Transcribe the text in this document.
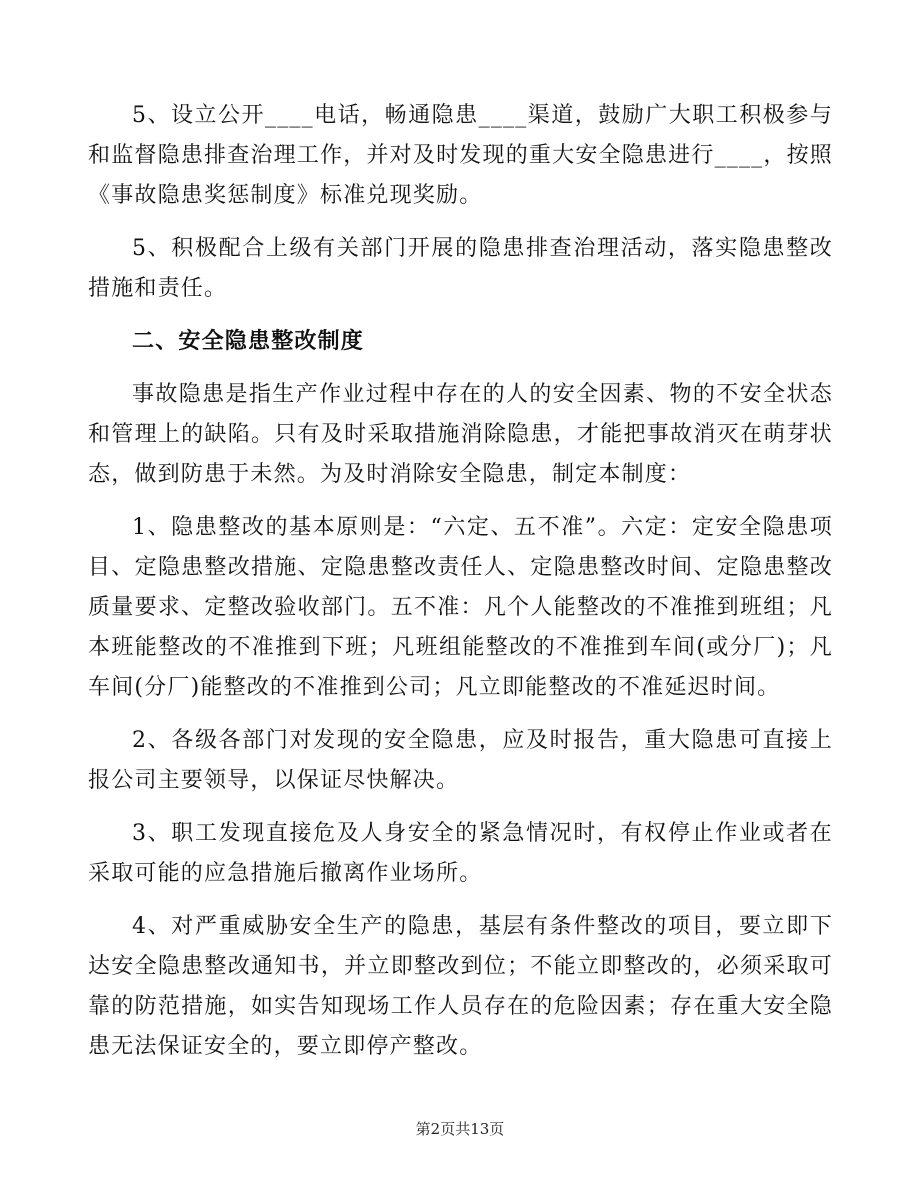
5、设立公开____电话，畅通隐患____渠道，鼓励广大职工积极参与和监督隐患排查治理工作，并对及时发现的重大安全隐患进行____，按照《事故隐患奖惩制度》标准兑现奖励。

5、积极配合上级有关部门开展的隐患排查治理活动，落实隐患整改措施和责任。

二、安全隐患整改制度

事故隐患是指生产作业过程中存在的人的安全因素、物的不安全状态和管理上的缺陷。只有及时采取措施消除隐患，才能把事故消灭在萌芽状态，做到防患于未然。为及时消除安全隐患，制定本制度：

1、隐患整改的基本原则是：“六定、五不准”。六定：定安全隐患项目、定隐患整改措施、定隐患整改责任人、定隐患整改时间、定隐患整改质量要求、定整改验收部门。五不准：凡个人能整改的不准推到班组；凡本班能整改的不准推到下班；凡班组能整改的不准推到车间(或分厂)；凡车间(分厂)能整改的不准推到公司；凡立即能整改的不准延迟时间。

2、各级各部门对发现的安全隐患，应及时报告，重大隐患可直接上报公司主要领导，以保证尽快解决。

3、职工发现直接危及人身安全的紧急情况时，有权停止作业或者在采取可能的应急措施后撤离作业场所。

4、对严重威胁安全生产的隐患，基层有条件整改的项目，要立即下达安全隐患整改通知书，并立即整改到位；不能立即整改的，必须采取可靠的防范措施，如实告知现场工作人员存在的危险因素；存在重大安全隐患无法保证安全的，要立即停产整改。

第2页共13页
